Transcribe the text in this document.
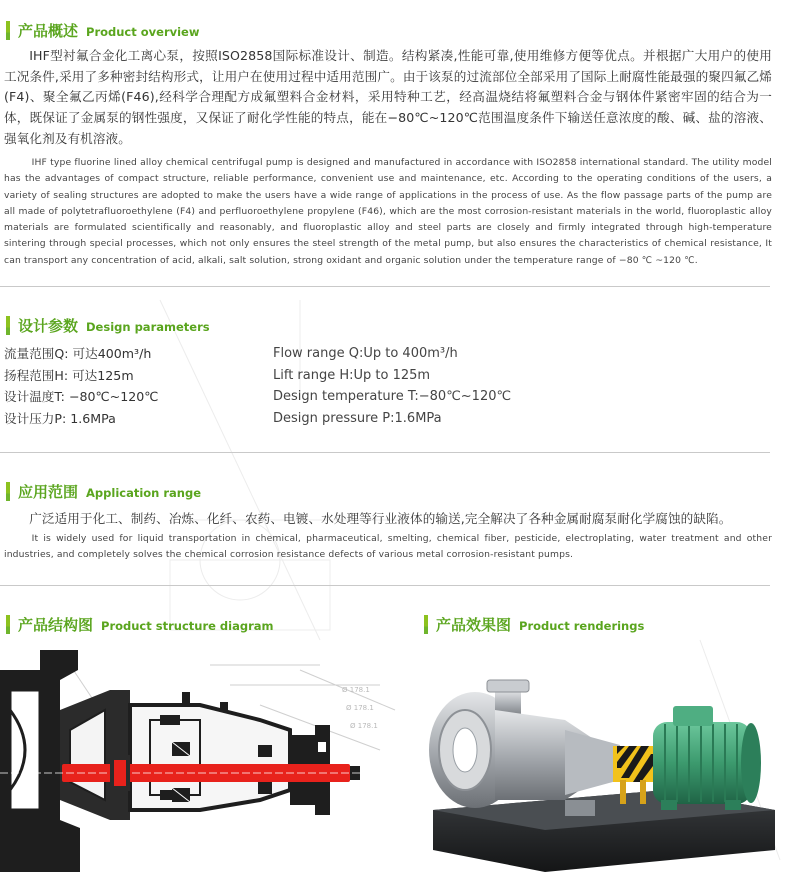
产品概述 Product overview
IHF型衬氟合金化工离心泵，按照ISO2858国际标准设计、制造。结构紧凑,性能可靠,使用维修方便等优点。并根据广大用户的使用工况条件,采用了多种密封结构形式，让用户在使用过程中适用范围广。由于该泵的过流部位全部采用了国际上耐腐性能最强的聚四氟乙烯(F4)、聚全氟乙丙烯(F46),经科学合理配方成氟塑料合金材料，采用特种工艺，经高温烧结将氟塑料合金与钢体件紧密牢固的结合为一体，既保证了金属泵的钢性强度，又保证了耐化学性能的特点，能在−80℃~120℃范围温度条件下输送任意浓度的酸、碱、盐的溶液、强氧化剂及有机溶液。
IHF type fluorine lined alloy chemical centrifugal pump is designed and manufactured in accordance with ISO2858 international standard. The utility model has the advantages of compact structure, reliable performance, convenient use and maintenance, etc. According to the operating conditions of the users, a variety of sealing structures are adopted to make the users have a wide range of applications in the process of use. As the flow passage parts of the pump are all made of polytetrafluoroethylene (F4) and perfluoroethylene propylene (F46), which are the most corrosion-resistant materials in the world, fluoroplastic alloy materials are formulated scientifically and reasonably, and fluoroplastic alloy and steel parts are closely and firmly integrated through high-temperature sintering through special processes, which not only ensures the steel strength of the metal pump, but also ensures the characteristics of chemical resistance, It can transport any concentration of acid, alkali, salt solution, strong oxidant and organic solution under the temperature range of −80 ℃ ~120 ℃.
设计参数 Design parameters
流量范围Q: 可达400m³/h
扬程范围H: 可达125m
设计温度T: −80℃~120℃
设计压力P: 1.6MPa
Flow range Q:Up to 400m³/h
Lift range H:Up to 125m
Design temperature T:−80℃~120℃
Design pressure P:1.6MPa
应用范围 Application range
广泛适用于化工、制药、冶炼、化纤、农药、电镀、水处理等行业液体的输送,完全解决了各种金属耐腐泵耐化学腐蚀的缺陷。
It is widely used for liquid transportation in chemical, pharmaceutical, smelting, chemical fiber, pesticide, electroplating, water treatment and other industries, and completely solves the chemical corrosion resistance defects of various metal corrosion-resistant pumps.
产品结构图 Product structure diagram	产品效果图 Product renderings
Ø 178.1
Ø 178.1
Ø 178.1
